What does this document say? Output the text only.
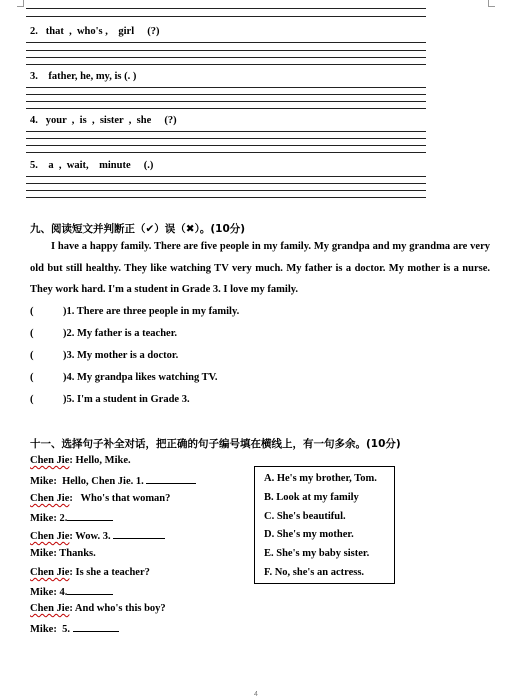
2.   that  ,  who's ,    girl     (?)
3.    father, he, my, is (. )
4.   your  ,  is  ,  sister  ,  she     (?)
5.    a  ,  wait,    minute     (.)
九、阅读短文并判断正（✔）误（✖）。(10分)

I have a happy family. There are five people in my family. My grandpa and my grandma are very old but still healthy. They like watching TV very much. My father is a doctor. My mother is a nurse. They work hard. I'm a student in Grade 3. I love my family.

(	)1. There are three people in my family.
(	)2. My father is a teacher.
(	)3. My mother is a doctor.
(	)4. My grandpa likes watching TV.
(	)5. I'm a student in Grade 3.
十一、选择句子补全对话，把正确的句子编号填在横线上，有一句多余。(10分)
Chen Jie: Hello, Mike.
Mike:  Hello, Chen Jie. 1.
Chen Jie:   Who's that woman?
Mike: 2.
Chen Jie: Wow. 3.
Mike: Thanks.
Chen Jie: Is she a teacher?
Mike: 4.
Chen Jie: And who's this boy?
Mike:  5.
A. He's my brother, Tom.
B. Look at my family
C. She's beautiful.
D. She's my mother.
E. She's my baby sister.
F. No, she's an actress.
4
